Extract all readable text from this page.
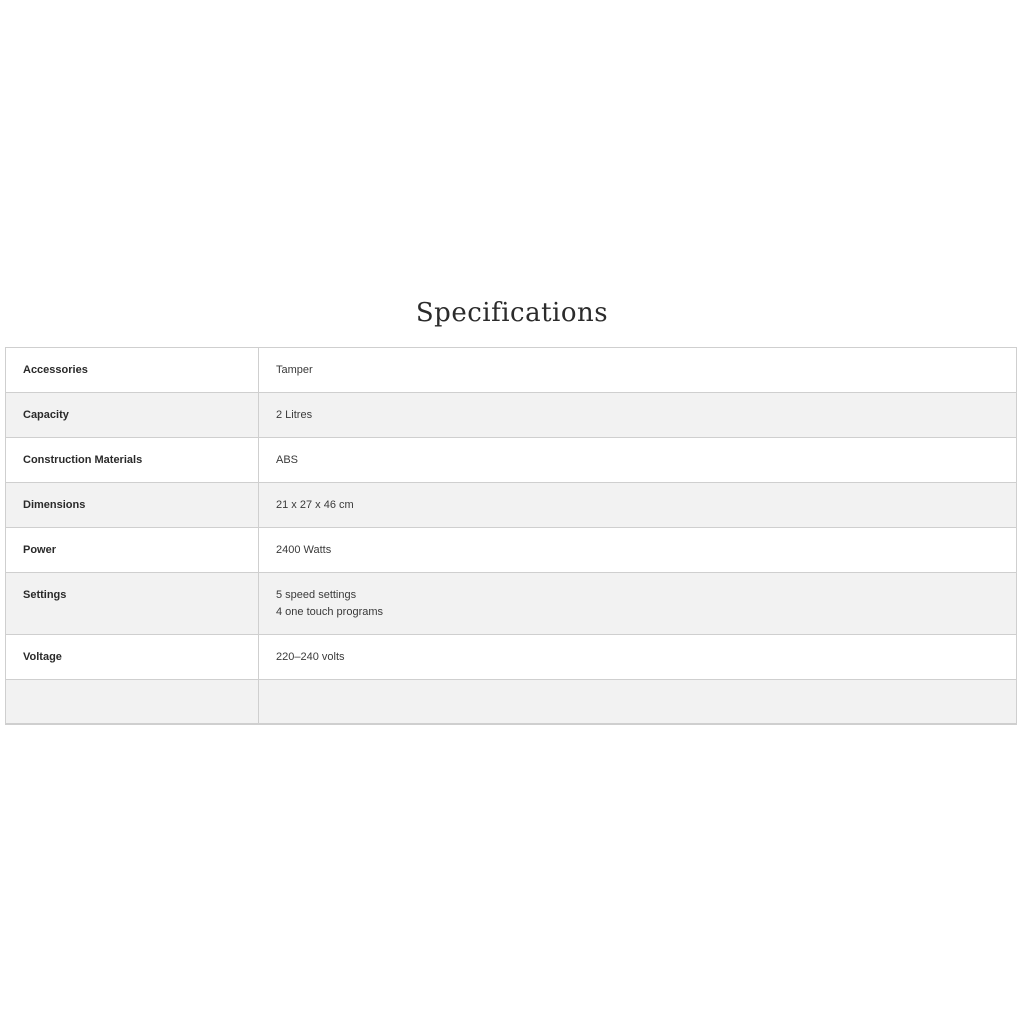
Specifications
Accessories	Tamper

Capacity	2 Litres

Construction Materials	ABS

Dimensions	21 x 27 x 46 cm

Power	2400 Watts

Settings	5 speed settings
4 one touch programs

Voltage	220–240 volts
